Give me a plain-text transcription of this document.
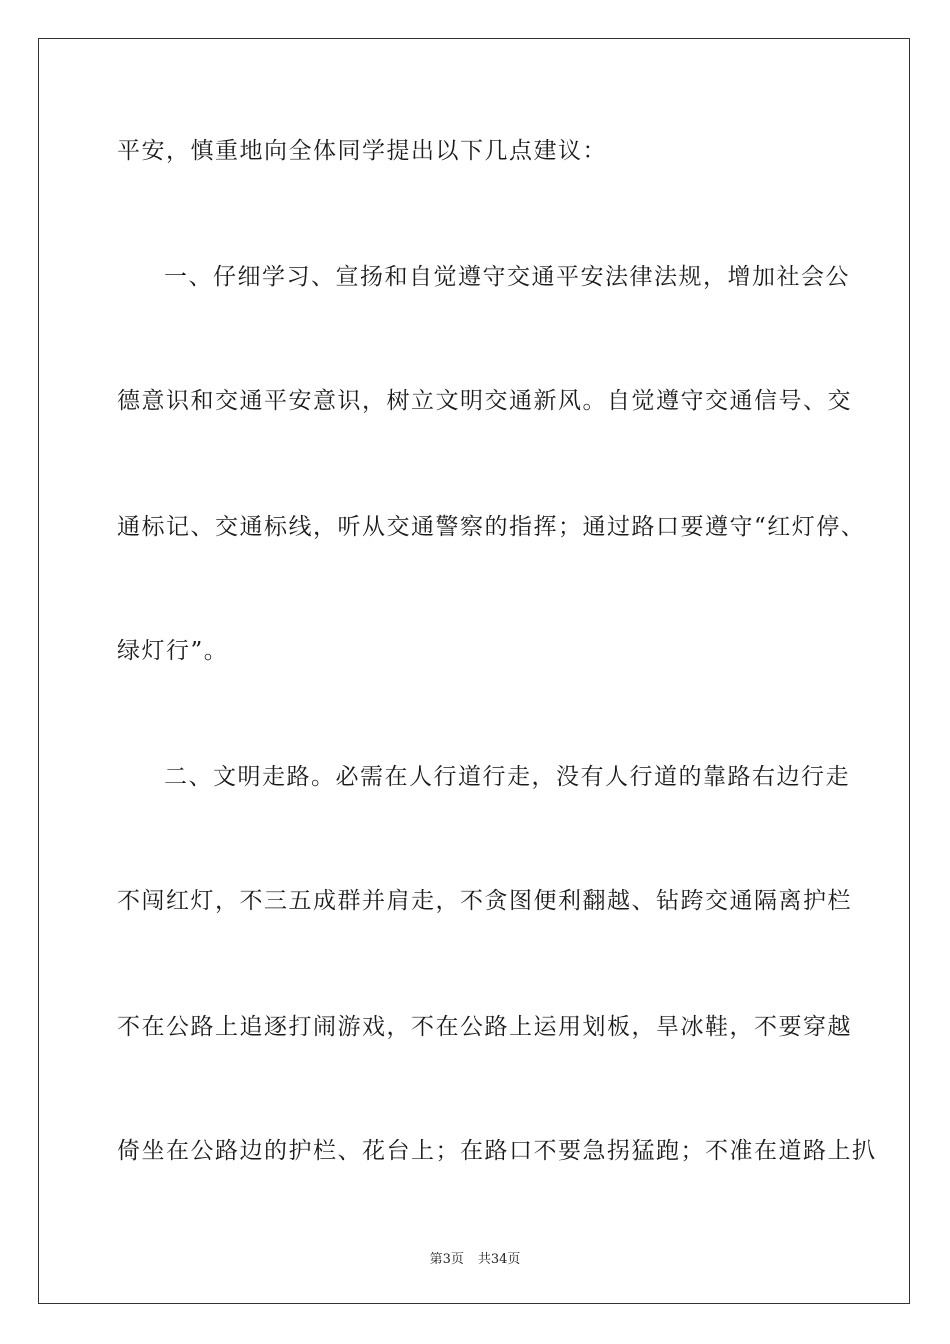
平安，慎重地向全体同学提出以下几点建议：
一、仔细学习、宣扬和自觉遵守交通平安法律法规，增加社会公
德意识和交通平安意识，树立文明交通新风。自觉遵守交通信号、交
通标记、交通标线，听从交通警察的指挥；通过路口要遵守“红灯停、
绿灯行”。
二、文明走路。必需在人行道行走，没有人行道的靠路右边行走
不闯红灯，不三五成群并肩走，不贪图便利翻越、钻跨交通隔离护栏
不在公路上追逐打闹游戏，不在公路上运用划板，旱冰鞋，不要穿越
倚坐在公路边的护栏、花台上；在路口不要急拐猛跑；不准在道路上扒
第3页 共34页
